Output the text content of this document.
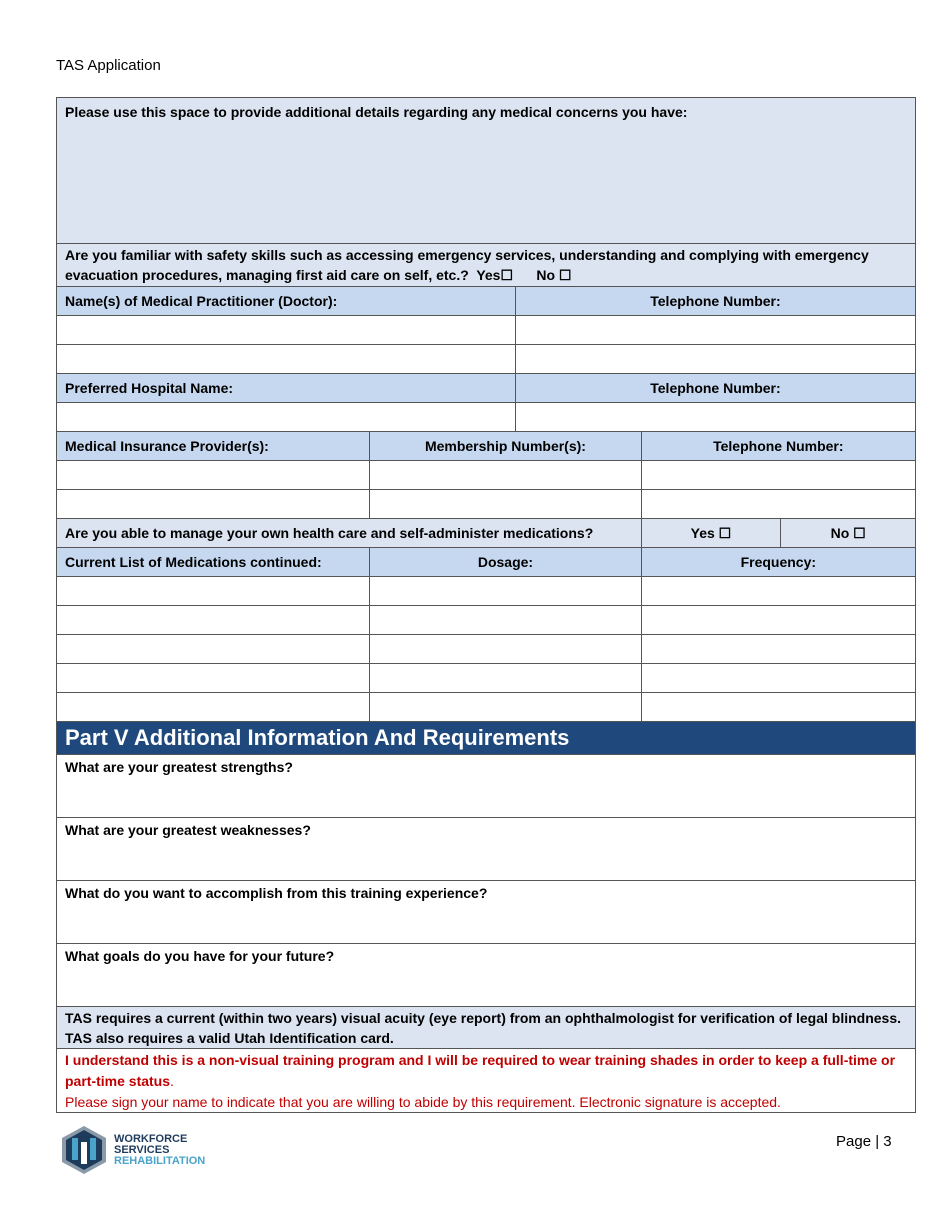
TAS Application
Please use this space to provide additional details regarding any medical concerns you have:
Are you familiar with safety skills such as accessing emergency services, understanding and complying with emergency evacuation procedures, managing first aid care on self, etc.? Yes☐ No ☐
Name(s) of Medical Practitioner (Doctor):	Telephone Number:
Preferred Hospital Name:	Telephone Number:
Medical Insurance Provider(s):	Membership Number(s):	Telephone Number:
Are you able to manage your own health care and self-administer medications?	Yes ☐	No ☐
Current List of Medications continued:	Dosage:	Frequency:
Part V Additional Information And Requirements
What are your greatest strengths?
What are your greatest weaknesses?
What do you want to accomplish from this training experience?
What goals do you have for your future?
TAS requires a current (within two years) visual acuity (eye report) from an ophthalmologist for verification of legal blindness. TAS also requires a valid Utah Identification card.
I understand this is a non-visual training program and I will be required to wear training shades in order to keep a full-time or part-time status.
Please sign your name to indicate that you are willing to abide by this requirement. Electronic signature is accepted.
WORKFORCE
SERVICES
REHABILITATION
Page | 3
